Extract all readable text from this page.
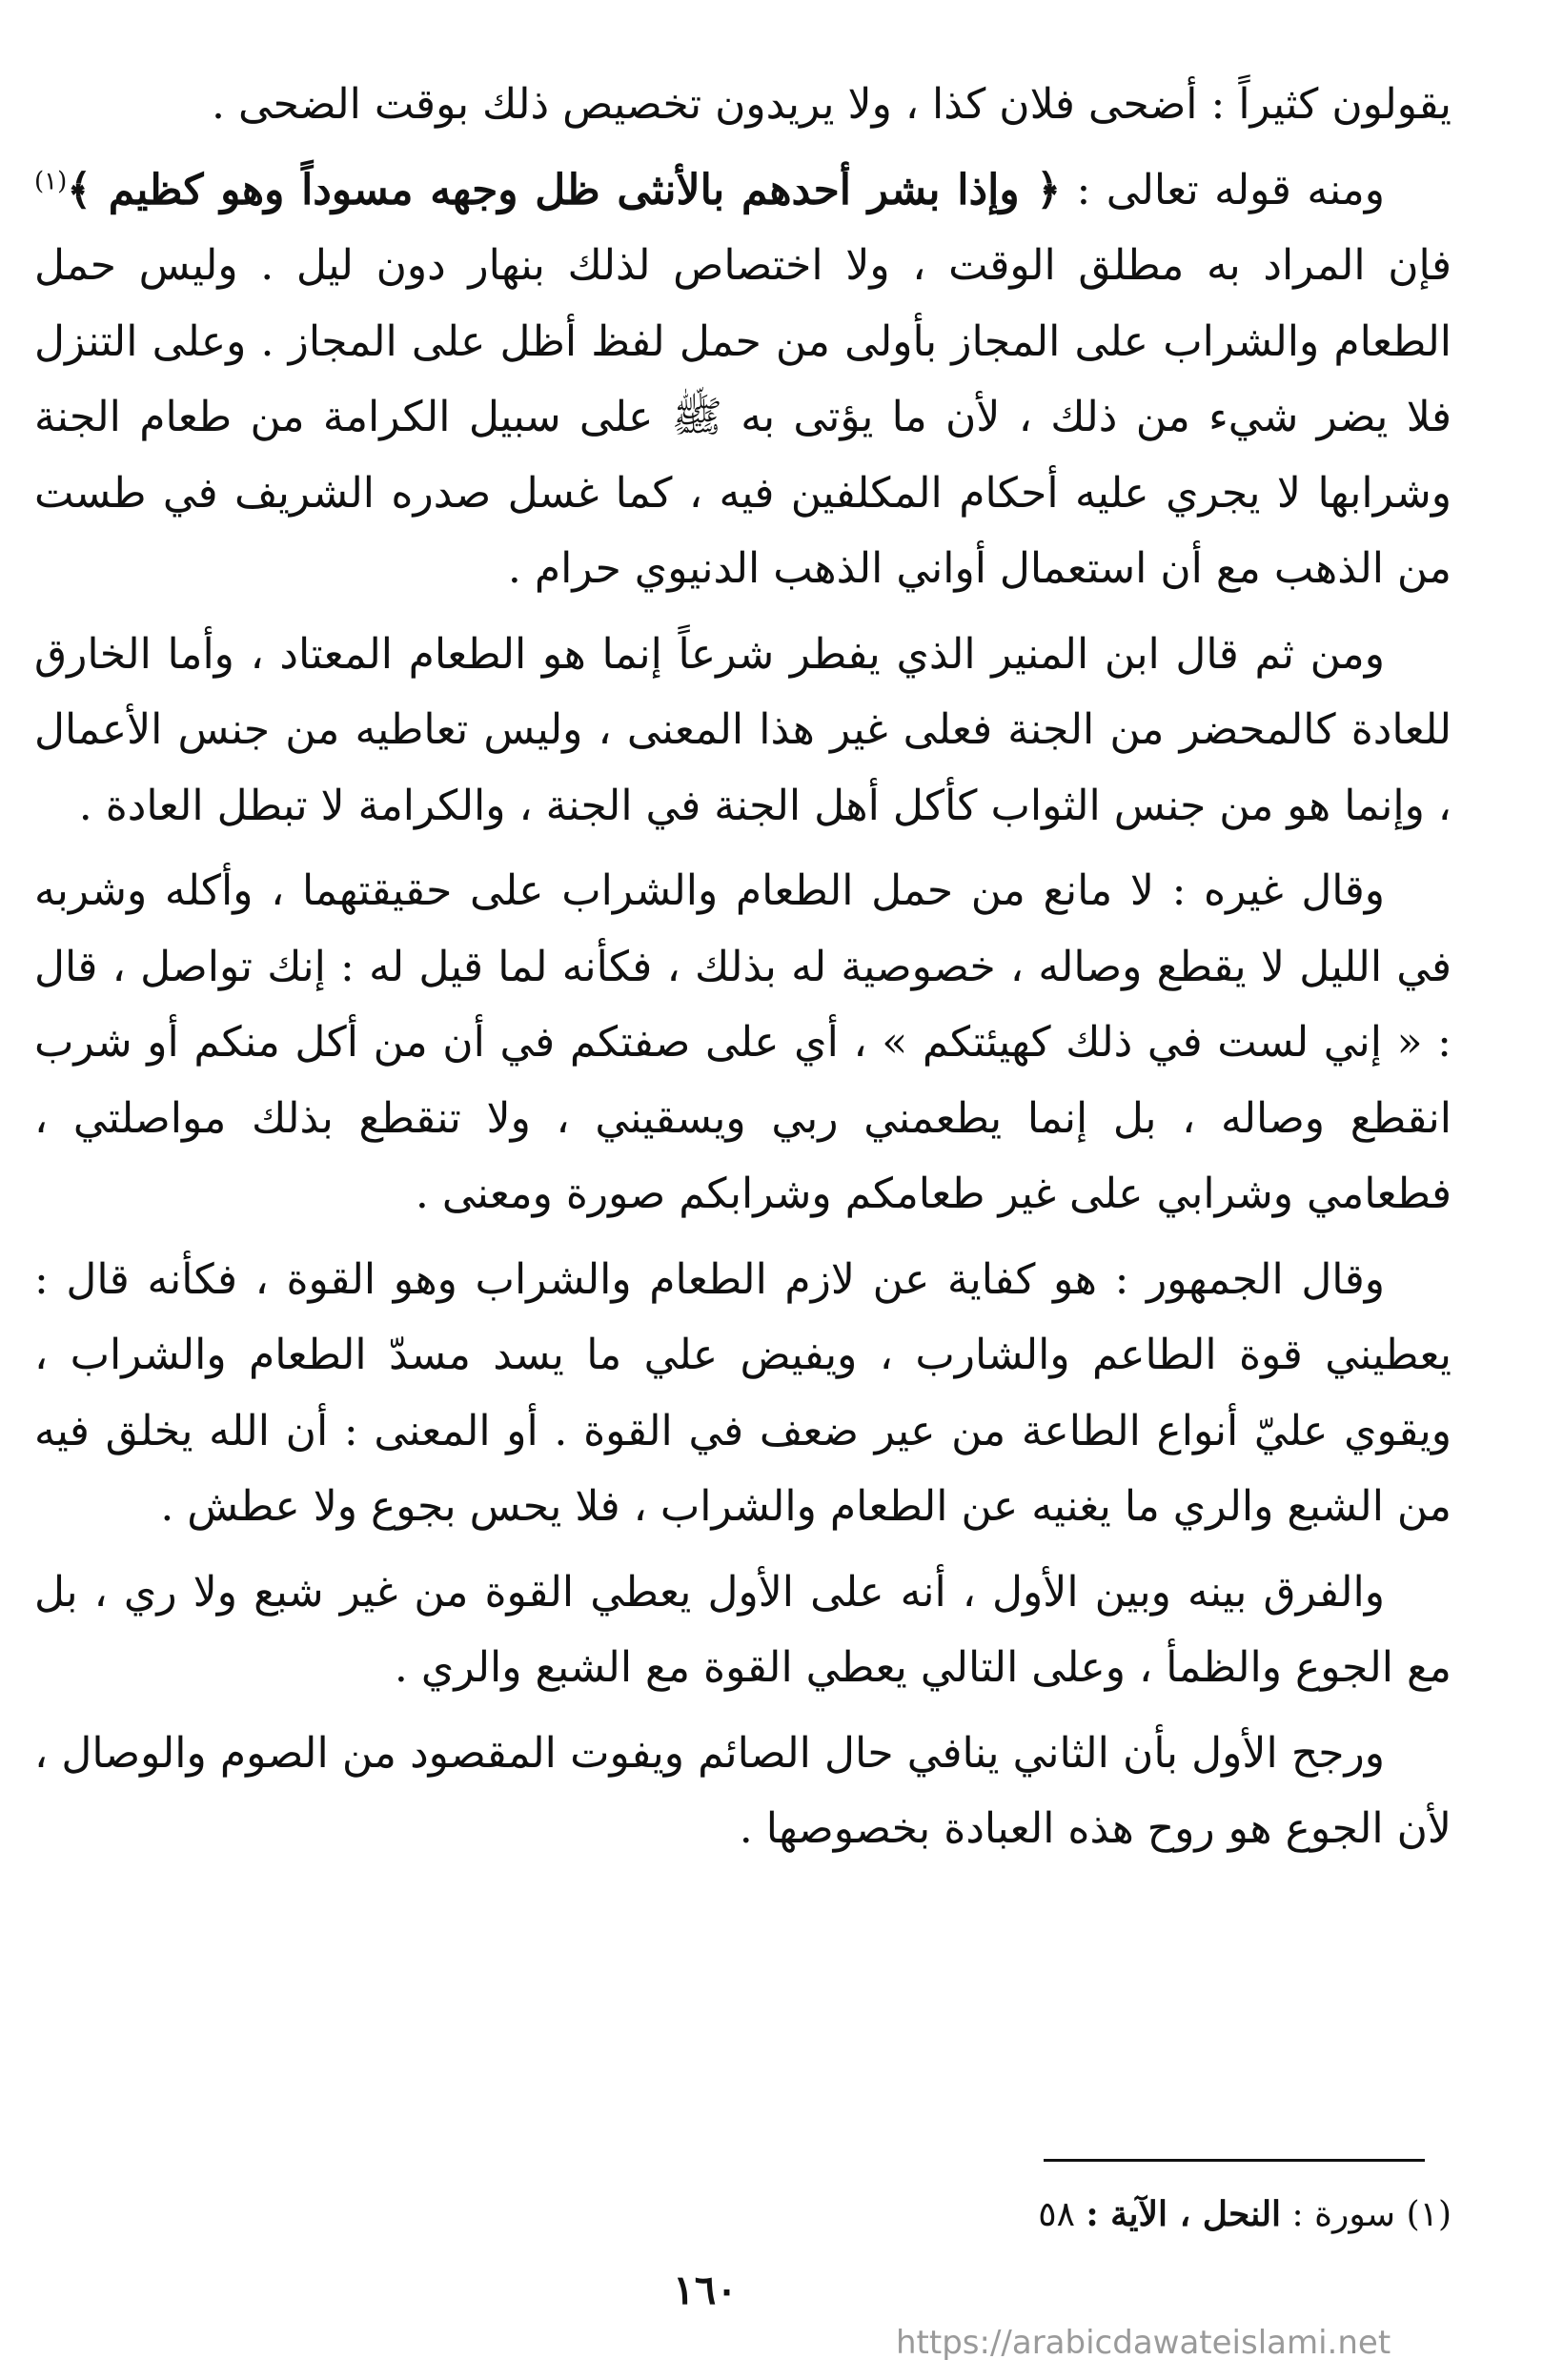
يقولون كثيراً : أضحى فلان كذا ، ولا يريدون تخصيص ذلك بوقت الضحى .

ومنه قوله تعالى : ﴿ وإذا بشر أحدهم بالأنثى ظل وجهه مسوداً وهو كظيم ﴾$^{(١)}$ فإن المراد به مطلق الوقت ، ولا اختصاص لذلك بنهار دون ليل . وليس حمل الطعام والشراب على المجاز بأولى من حمل لفظ أظل على المجاز . وعلى التنزل فلا يضر شيء من ذلك ، لأن ما يؤتى به ﷺ على سبيل الكرامة من طعام الجنة وشرابها لا يجري عليه أحكام المكلفين فيه ، كما غسل صدره الشريف في طست من الذهب مع أن استعمال أواني الذهب الدنيوي حرام .

ومن ثم قال ابن المنير الذي يفطر شرعاً إنما هو الطعام المعتاد ، وأما الخارق للعادة كالمحضر من الجنة فعلى غير هذا المعنى ، وليس تعاطيه من جنس الأعمال ، وإنما هو من جنس الثواب كأكل أهل الجنة في الجنة ، والكرامة لا تبطل العادة .

وقال غيره : لا مانع من حمل الطعام والشراب على حقيقتهما ، وأكله وشربه في الليل لا يقطع وصاله ، خصوصية له بذلك ، فكأنه لما قيل له : إنك تواصل ، قال : « إني لست في ذلك كهيئتكم » ، أي على صفتكم في أن من أكل منكم أو شرب انقطع وصاله ، بل إنما يطعمني ربي ويسقيني ، ولا تنقطع بذلك مواصلتي ، فطعامي وشرابي على غير طعامكم وشرابكم صورة ومعنى .

وقال الجمهور : هو كفاية عن لازم الطعام والشراب وهو القوة ، فكأنه قال : يعطيني قوة الطاعم والشارب ، ويفيض علي ما يسد مسدّ الطعام والشراب ، ويقوي عليّ أنواع الطاعة من عير ضعف في القوة . أو المعنى : أن الله يخلق فيه من الشبع والري ما يغنيه عن الطعام والشراب ، فلا يحس بجوع ولا عطش .

والفرق بينه وبين الأول ، أنه على الأول يعطي القوة من غير شبع ولا ري ، بل مع الجوع والظمأ ، وعلى التالي يعطي القوة مع الشبع والري .

ورجح الأول بأن الثاني ينافي حال الصائم ويفوت المقصود من الصوم والوصال ، لأن الجوع هو روح هذه العبادة بخصوصها .

(١) سورة : النحل ، الآية : ٥٨
١٦٠
https://arabicdawateislami.net
